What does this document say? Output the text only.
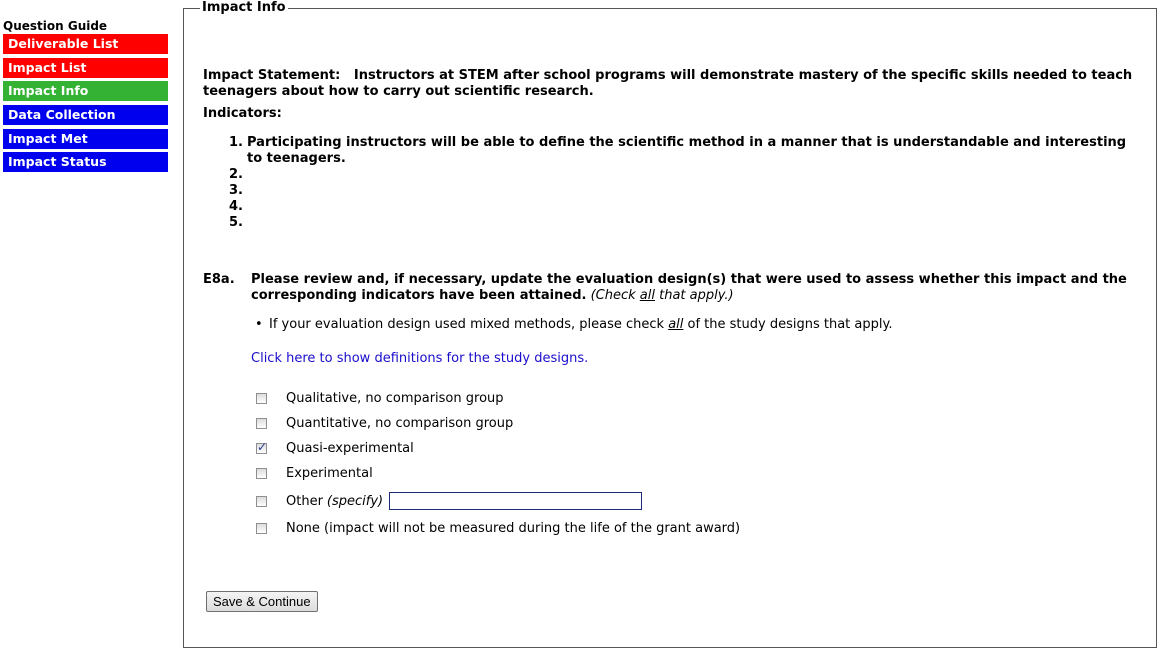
Question Guide
Deliverable List
Impact List
Impact Info
Data Collection
Impact Met
Impact Status
Impact Info
Impact Statement: Instructors at STEM after school programs will demonstrate mastery of the specific skills needed to teach teenagers about how to carry out scientific research.
Indicators:
1. Participating instructors will be able to define the scientific method in a manner that is understandable and interesting to teenagers.
2.
3.
4.
5.
E8a.	Please review and, if necessary, update the evaluation design(s) that were used to assess whether this impact and the corresponding indicators have been attained. (Check all that apply.)
• If your evaluation design used mixed methods, please check all of the study designs that apply.
Click here to show definitions for the study designs.
Qualitative, no comparison group
Quantitative, no comparison group
✓
Quasi-experimental
Experimental
Other (specify)
None (impact will not be measured during the life of the grant award)
Save & Continue
